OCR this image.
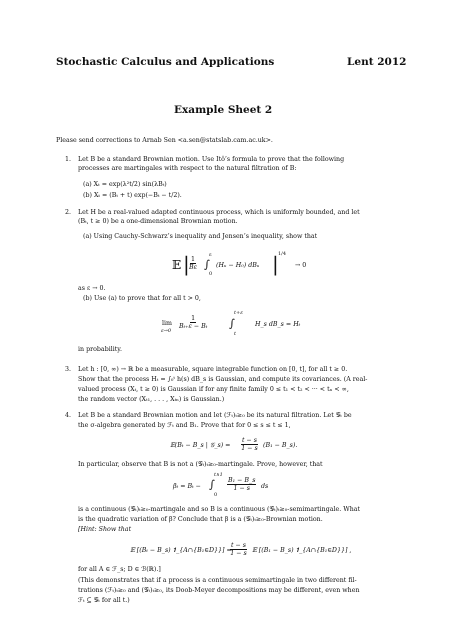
Stochastic Calculus and Applications	Lent 2012
Example Sheet 2
Please send corrections to Arnab Sen <a.sen@statslab.cam.ac.uk>.
1. Let B be a standard Brownian motion. Use Itô’s formula to prove that the following
processes are martingales with respect to the natural filtration of B:
(a) Xₜ = exp(λ²t/2) sin(λBₜ)
(b) Xₜ = (Bₜ + t) exp(−Bₜ − t/2).
2. Let H be a real-valued adapted continuous process, which is uniformly bounded, and let
(Bₜ, t ≥ 0) be a one-dimensional Brownian motion.
(a) Using Cauchy-Schwarz’s inequality and Jensen’s inequality, show that
𝔼 | $\frac{1}{B\varepsilon}$ ∫
ε
0
(Hᵤ − H₀) dBᵤ | 1/4
→ 0
as ε → 0.
(b) Use (a) to prove that for all t > 0,
lim
ε→0
$\frac{1}{\text{Bₜ₊ε − Bₜ}}$ ∫
t+ε
t
H_s dB_s = Hₜ
in probability.
3. Let h : [0, ∞) → ℝ be a measurable, square integrable function on [0, t], for all t ≥ 0.
Show that the process Hₜ = ∫₀ᵗ h(s) dB_s is Gaussian, and compute its covariances. (A real-
valued process (Xₜ, t ≥ 0) is Gaussian if for any finite family 0 ≤ t₁ < t₂ < ··· < tₙ < ∞,
the random vector (Xₜ₁, . . . , Xₜₙ) is Gaussian.)
4. Let B be a standard Brownian motion and let (ℱₜ)ₜ≥₀ be its natural filtration. Let 𝒢ₜ be
the σ-algebra generated by ℱₜ and B₁. Prove that for 0 ≤ s ≤ t ≤ 1,
𝔼(Bₜ − B_s | 𝒢_s) = $\frac{t - s}{1 - s} (B_1$ − B_s).
In particular, observe that B is not a (𝒢ₜ)ₜ≥₀-martingale. Prove, however, that
βₜ = Bₜ − ∫
t∧1
0
$\frac{\text{B₁ − B\_s}}{1 - s}$ ds
is a continuous (𝒢ₜ)ₜ≥₀-martingale and so B is a continuous (𝒢ₜ)ₜ≥₀-semimartingale. What
is the quadratic variation of β? Conclude that β is a (𝒢ₜ)ₜ≥₀-Brownian motion.
[Hint: Show that
𝔼 [(Bₜ − B_s) 𝟏_{A∩{B₁∈D}}] =
$\frac{t - s}{1 - s}$ 𝔼 [(B₁ − B_s) 𝟏_{A∩{B₁∈D}}] ,
for all A ∈ ℱ_s; D ∈ ℬ(ℝ).]
(This demonstrates that if a process is a continuous semimartingale in two different fil-
trations (ℱₜ)ₜ≥₀ and (𝒢ₜ)ₜ≥₀, its Doob-Meyer decompositions may be different, even when
ℱₜ ⊆ 𝒢ₜ for all t.)
